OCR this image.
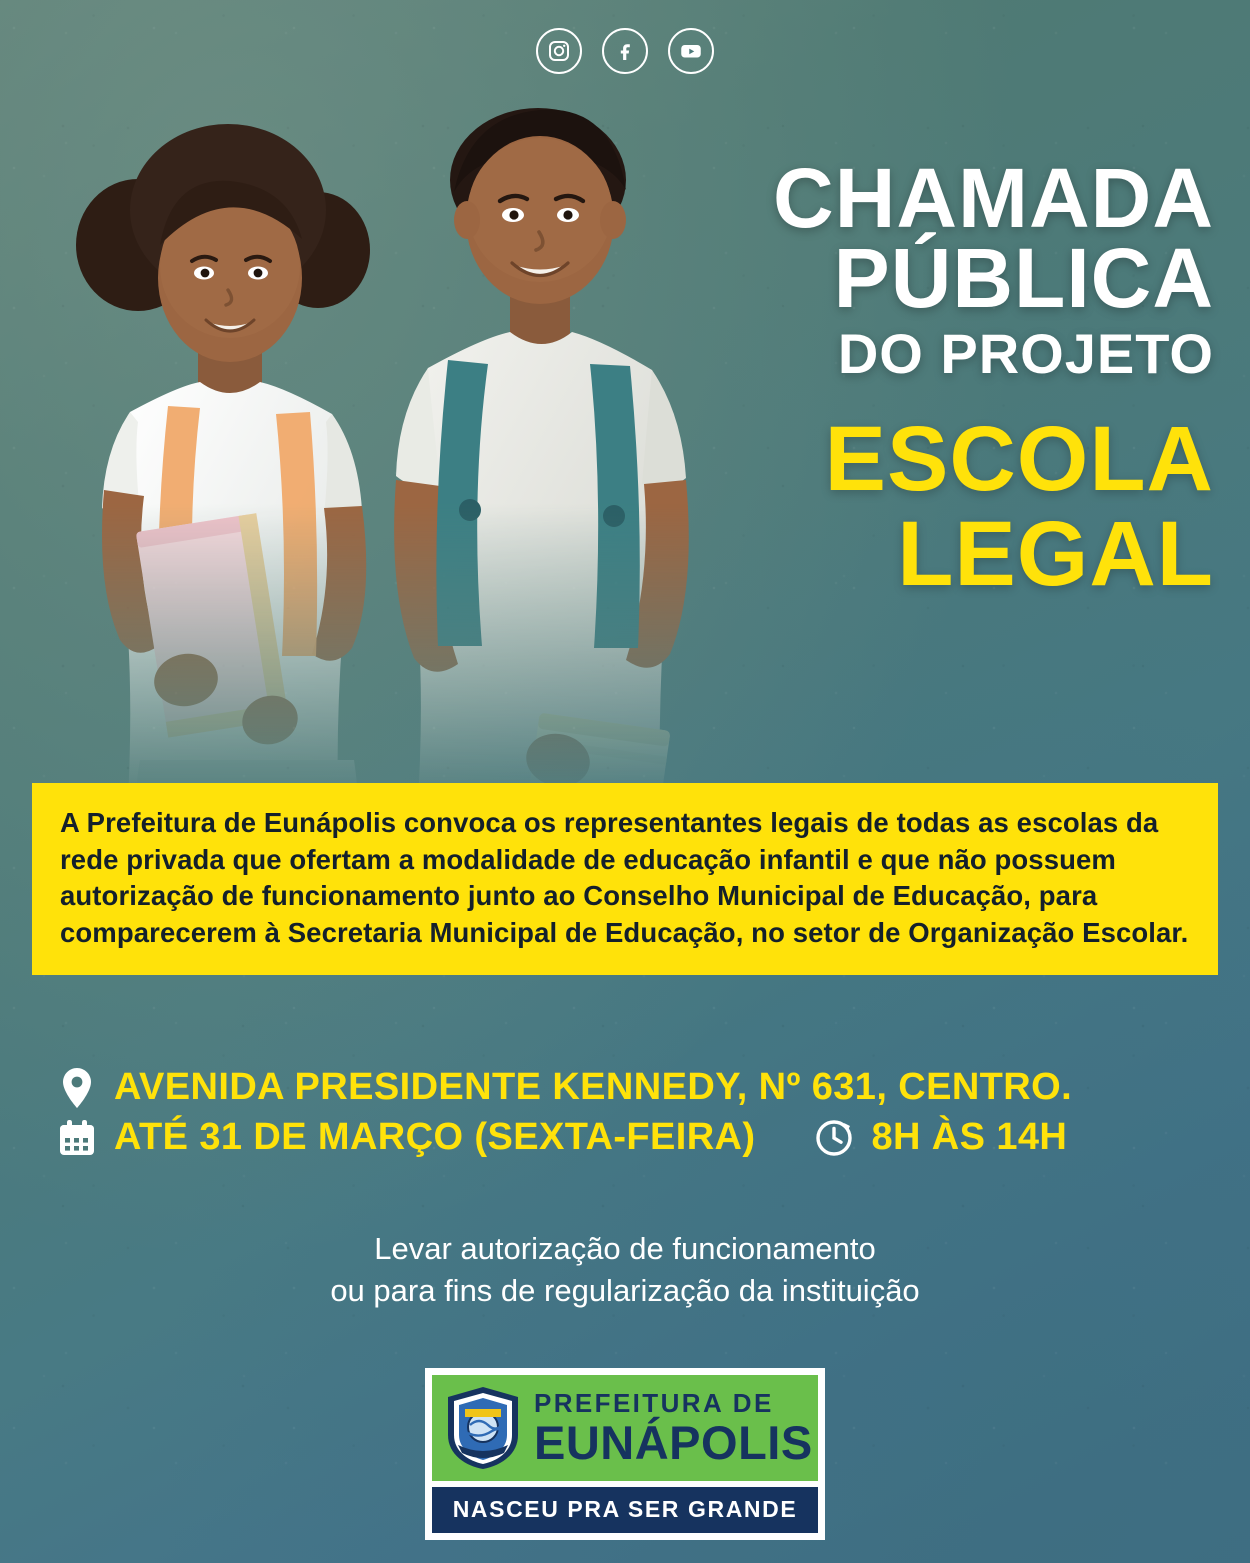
CHAMADA
PÚBLICA
DO PROJETO
ESCOLA
LEGAL

A Prefeitura de Eunápolis convoca os representantes legais de todas as escolas da rede privada que ofertam a modalidade de educação infantil e que não possuem autorização de funcionamento junto ao Conselho Municipal de Educação, para comparecerem à Secretaria Municipal de Educação, no setor de Organização Escolar.

AVENIDA PRESIDENTE KENNEDY, Nº 631, CENTRO.
ATÉ 31 DE MARÇO (SEXTA-FEIRA)	8H ÀS 14H
Levar autorização de funcionamento
ou para fins de regularização da instituição
PREFEITURA DE
EUNÁPOLIS
NASCEU PRA SER GRANDE
